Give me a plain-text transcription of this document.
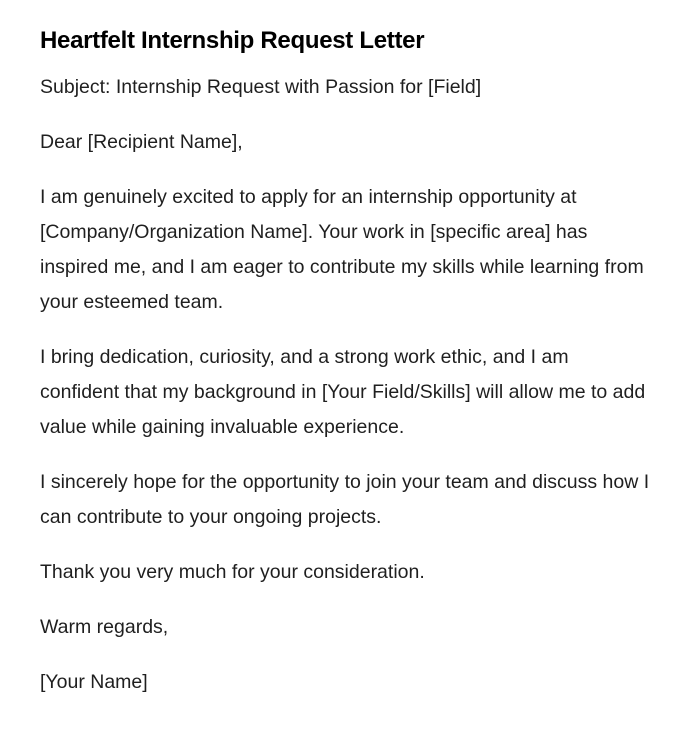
Heartfelt Internship Request Letter

Subject: Internship Request with Passion for [Field]

Dear [Recipient Name],

I am genuinely excited to apply for an internship opportunity at [Company/Organization Name]. Your work in [specific area] has inspired me, and I am eager to contribute my skills while learning from your esteemed team.

I bring dedication, curiosity, and a strong work ethic, and I am confident that my background in [Your Field/Skills] will allow me to add value while gaining invaluable experience.

I sincerely hope for the opportunity to join your team and discuss how I can contribute to your ongoing projects.

Thank you very much for your consideration.

Warm regards,

[Your Name]
